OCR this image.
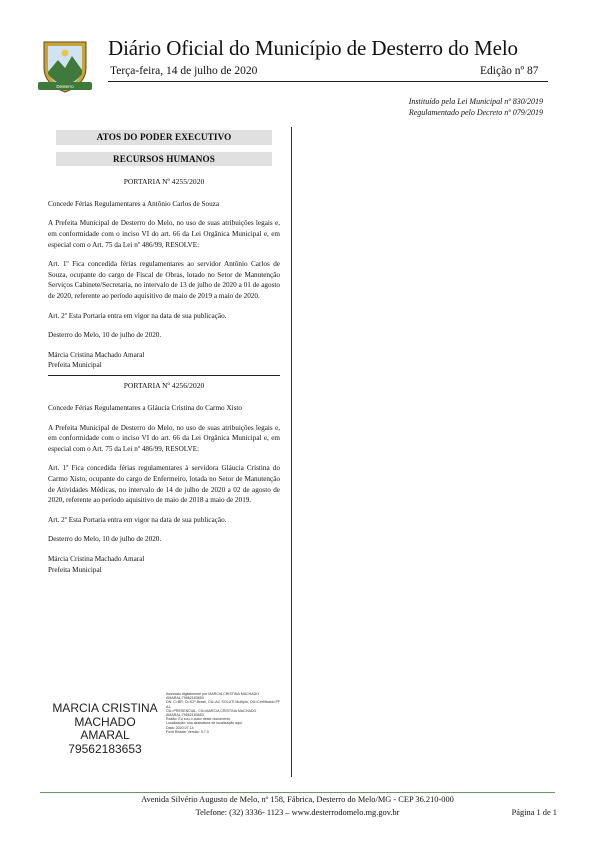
Desterro
Diário Oficial do Município de Desterro do Melo
Terça-feira, 14 de julho de 2020	Edição nº 87
Instituído pela Lei Municipal nº 830/2019
Regulamentado pelo Decreto nº 079/2019
ATOS DO PODER EXECUTIVO
RECURSOS HUMANOS

PORTARIA Nº 4255/2020

Concede Férias Regulamentares a Antônio Carlos de Souza

A Prefeita Municipal de Desterro do Melo, no uso de suas atribuições legais e, em conformidade com o inciso VI do art. 66 da Lei Orgânica Municipal e, em especial com o Art. 75 da Lei nº 486/99, RESOLVE:

Art. 1º Fica concedida férias regulamentares ao servidor Antônio Carlos de Souza, ocupante do cargo de Fiscal de Obras, lotado no Setor de Manutenção Serviços Cabinete/Secretaria, no intervalo de 13 de julho de 2020 a 01 de agosto de 2020, referente ao período aquisitivo de maio de 2019 a maio de 2020.

Art. 2º Esta Portaria entra em vigor na data de sua publicação.

Desterro do Melo, 10 de julho de 2020.

Márcia Cristina Machado Amaral

Prefeita Municipal

PORTARIA Nº 4256/2020

Concede Férias Regulamentares a Gláucia Cristina do Carmo Xisto

A Prefeita Municipal de Desterro do Melo, no uso de suas atribuições legais e, em conformidade com o inciso VI do art. 66 da Lei Orgânica Municipal e, em especial com o Art. 75 da Lei nº 486/99, RESOLVE:

Art. 1º Fica concedida férias regulamentares à servidora Gláucia Cristina do Carmo Xisto, ocupante do cargo de Enfermeiro, lotada no Setor de Manutenção de Atividades Médicas, no intervalo de 14 de julho de 2020 a 02 de agosto de 2020, referente ao período aquisitivo de maio de 2018 a maio de 2019.

Art. 2º Esta Portaria entra em vigor na data de sua publicação.

Desterro do Melo, 10 de julho de 2020.

Márcia Cristina Machado Amaral

Prefeita Municipal

MARCIA CRISTINA
MACHADO AMARAL
79562183653
Assinado digitalmente por MARCIA CRISTINA MACHADO AMARAL:79562183653
DN: C=BR, O=ICP-Brasil, OU=AC SOLUTI Multipla, OU=Certificado PF A1,
OU=PRESENCIAL, CN=MARCIA CRISTINA MACHADO AMARAL:79562183653
Razão: Eu sou o autor deste documento
Localização: sua assinatura de localização aqui
Data: 2020.07.14
Foxit Reader Versão: 9.7.0
Avenida Silvério Augusto de Melo, nº 158, Fábrica, Desterro do Melo/MG - CEP 36.210-000
Telefone: (32) 3336- 1123 – www.desterrodomelo.mg.gov.br	Página 1 de 1
